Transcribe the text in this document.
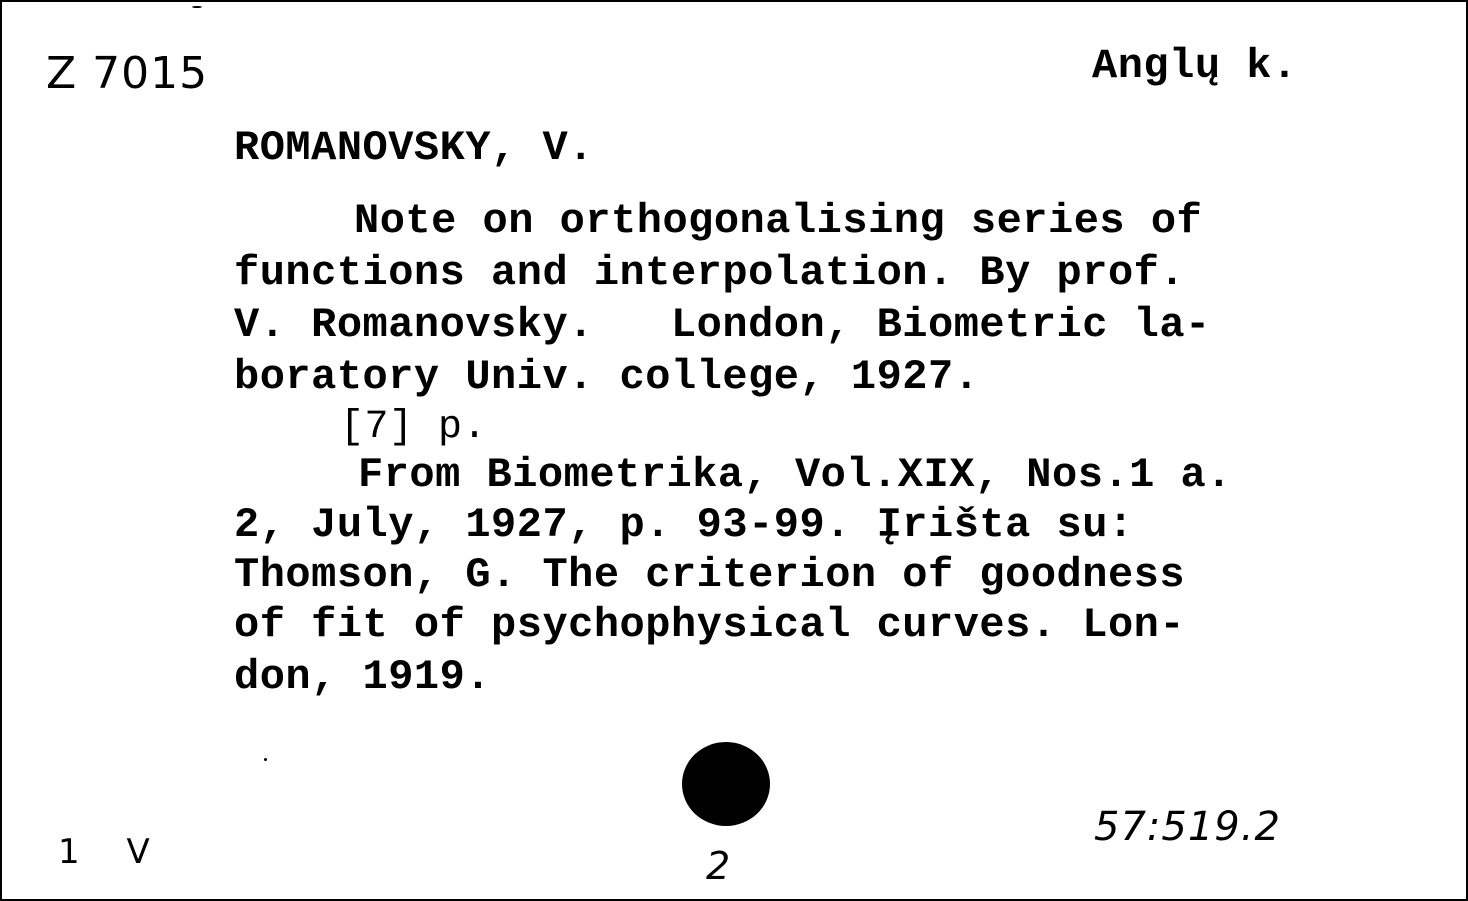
Z 7015	Anglų k.
ROMANOVSKY, V.
Note on orthogonalising series of
functions and interpolation. By prof.
V. Romanovsky.   London, Biometric la-
boratory Univ. college, 1927.
[7] p.
From Biometrika, Vol.XIX, Nos.1 a.
2, July, 1927, p. 93-99. Įrišta su:
Thomson, G. The criterion of goodness
of fit of psychophysical curves. Lon-
don, 1919.
1 V	2
57:519.2
